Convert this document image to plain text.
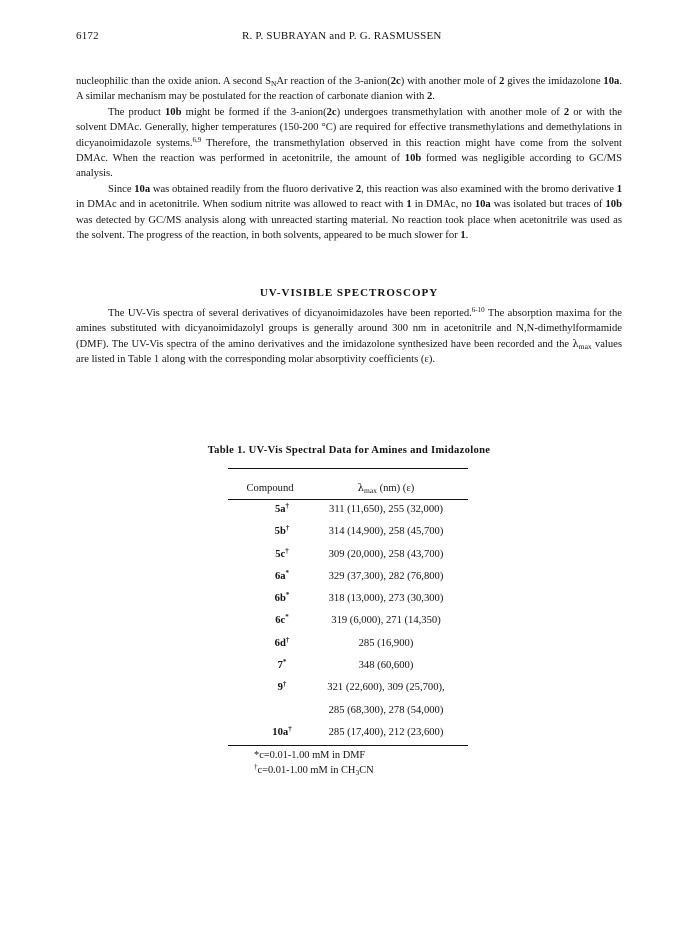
6172	R. P. SUBRAYAN and P. G. RASMUSSEN

nucleophilic than the oxide anion. A second $S_NAr$ reaction of the 3-anion(2c) with another mole of 2 gives the imidazolone 10a. A similar mechanism may be postulated for the reaction of carbonate dianion with 2.

The product 10b might be formed if the 3-anion(2c) undergoes transmethylation with another mole of 2 or with the solvent DMAc. Generally, higher temperatures (150-200 °C) are required for effective transmethylations and demethylations in dicyanoimidazole systems.$^{6,9}$ Therefore, the transmethylation observed in this reaction might have come from the solvent DMAc. When the reaction was performed in acetonitrile, the amount of 10b formed was negligible according to GC/MS analysis.

Since 10a was obtained readily from the fluoro derivative 2, this reaction was also examined with the bromo derivative 1 in DMAc and in acetonitrile. When sodium nitrite was allowed to react with 1 in DMAc, no 10a was isolated but traces of 10b was detected by GC/MS analysis along with unreacted starting material. No reaction took place when acetonitrile was used as the solvent. The progress of the reaction, in both solvents, appeared to be much slower for 1.

UV-VISIBLE SPECTROSCOPY

The UV-Vis spectra of several derivatives of dicyanoimidazoles have been reported.$^{6-10}$ The absorption maxima for the amines substituted with dicyanoimidazolyl groups is generally around 300 nm in acetonitrile and N,N-dimethylformamide (DMF). The UV-Vis spectra of the amino derivatives and the imidazolone synthesized have been recorded and the $\lambda_{max}$ values are listed in Table 1 along with the corresponding molar absorptivity coefficients (ε).

Table 1. UV-Vis Spectral Data for Amines and Imidazolone
Compound	$\lambda_{max}$ (nm) (ε)
5a†	311 (11,650), 255 (32,000)
5b†	314 (14,900), 258 (45,700)
5c†	309 (20,000), 258 (43,700)
6a*	329 (37,300), 282 (76,800)
6b*	318 (13,000), 273 (30,300)
6c*	319 (6,000), 271 (14,350)
6d†	285 (16,900)
7*	348 (60,600)
9†	321 (22,600), 309 (25,700),
285 (68,300), 278 (54,000)
10a†	285 (17,400), 212 (23,600)
*c=0.01-1.00 mM in DMF
†c=0.01-1.00 mM in $CH_3CN$
